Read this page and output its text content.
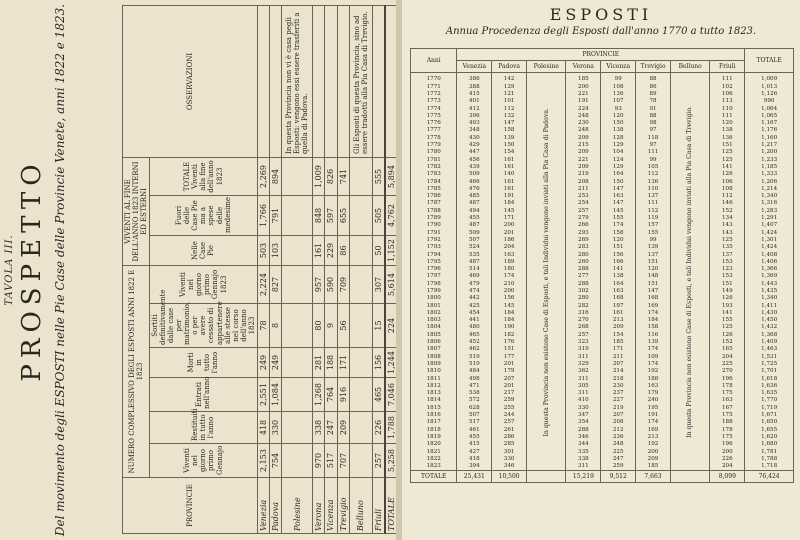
TAVOLA III. PROSPETTO Del movimento degli ESPOSTI nelle Pie Case delle Provincie Venete, anni 1822 e 1823.	PROVINCIE	NUMERO COMPLESSIVO DEGLI ESPOSTI ANNI 1822 E 1823						VIVENTI AL FINE DELL'ANNO 1823 INTERNI ED ESTERNI			OSSERVAZIONI
	Viventi nel giorno primo Gennajo	Restituiti in tutto l'anno	Entrati nell'anno	Morti in tutto l'anno	Sortiti definitivamente dalle case per matrimonio, o per avere cessato di appartenere alle stesse nel corso dell'anno 1823	Viventi nel giorno primo Gennajo 1823	Nelle Case Pie	Fuori delle Case Pie ma a spese delle medesime	TOTALE Viventi alla fine dell'anno 1823	
Venezia	2,153	418	2,551	249	78	2,224	503	1,766	2,269	
Padova	754	330	1,084	249	8	827	103	791	894	
Polesine										In questa Provincia non vi è casa pegli Esposti: vengono essi essere trasferiti a quella di Padova.
Verona	970	338	1,268	281	80	957	161	848	1,009	
Vicenza	517	247	764	188	9	590	229	597	826	
Trevigio	707	209	916	171	56	709	86	655	741	
Belluno										Gli Esposti di questa Provincia, sino ad essere tradotti alla Pia Casa di Trevigio.
Friuli	257	226	465	156	15	307	50	505	555	
TOTALE	5,258	1,788	7,046	1,244	224	5,614	1,152	4,762	5,894	
ESPOSTI
Annua Procedenza degli Esposti dall'anno 1770 a tutto 1823.
Anni	PROVINCIE								TOTALE
	Venezia	Padova	Polesine	Verona	Vicenza	Trevigio	Belluno	Friuli	
1770	386	142	In questa Provincia non esistono Case di Esposti, e tali Individui vengono inviati alla Pia Casa di Padova.	185	99	88	In questa Provincia non esistono Case di Esposti, e tali Individui vengono inviati alla Pia Casa di Trevigio.	111	1,009
1771	388	129		200	108	86		102	1,013
1772	415	121		221	136	89		106	1,126
1773	401	101		191	107	78		113	990
1774	412	112		224	93	91		110	1,064
1775	396	132		248	120	88		111	1,065
1776	403	147		230	150	98		120	1,167
1777	348	158		248	138	97		138	1,176
1778	430	139		209	128	118		136	1,160
1779	429	150		215	129	97		151	1,217
1780	447	154		209	104	111		125	1,200
1781	456	161		221	124	99		125	1,233
1782	439	161		209	129	105		141	1,185
1783	509	140		219	164	112		126	1,333
1784	466	161		208	150	136		106	1,206
1785	476	161		211	147	110		108	1,214
1786	485	191		253	163	137		112	1,340
1787	487	184		254	147	111		146	1,316
1788	494	145		257	145	112		152	1,283
1789	455	171		279	155	119		134	1,291
1790	487	200		266	174	157		143	1,407
1791	509	201		293	158	155		143	1,424
1792	507	186		269	120	99		125	1,301
1793	524	204		283	151	139		135	1,424
1794	535	163		280	156	137		137	1,408
1795	487	189		260	166	151		153	1,406
1796	514	180		288	141	120		123	1,366
1797	469	174		277	138	148		153	1,369
1798	479	210		288	164	151		151	1,443
1799	474	200		302	163	147		149	1,435
1800	442	156		280	168	168		126	1,340
1801	425	145		282	197	169		193	1,411
1802	454	184		316	161	174		141	1,430
1803	441	184		270	213	184		155	1,450
1804	480	190		268	209	158		125	1,432
1805	465	182		257	154	116		126	1,368
1806	452	176		323	185	139		152	1,409
1807	462	151		319	171	174		165	1,463
1808	519	177		311	211	109		204	1,531
1809	519	201		329	207	174		225	1,725
1810	484	179		362	214	192		270	1,701
1811	498	207		311	218	188		196	1,618
1812	471	201		305	230	163		178	1,636
1813	538	217		311	237	179		175	1,635
1814	572	259		410	227	240		163	1,770
1815	628	255		330	219	195		167	1,719
1816	507	244		347	207	191		175	1,671
1817	517	257		354	208	174		188	1,650
1818	461	261		288	212	169		178	1,655
1819	455	286		346	236	213		175	1,620
1820	415	285		344	248	192		196	1,680
1821	427	301		335	225	200		200	1,781
1822	418	330		338	247	209		226	1,788
1823	394	346		311	259	185		204	1,718
TOTALE	25,431	10,500		15,219	9,512	7,663		8,099	76,424
